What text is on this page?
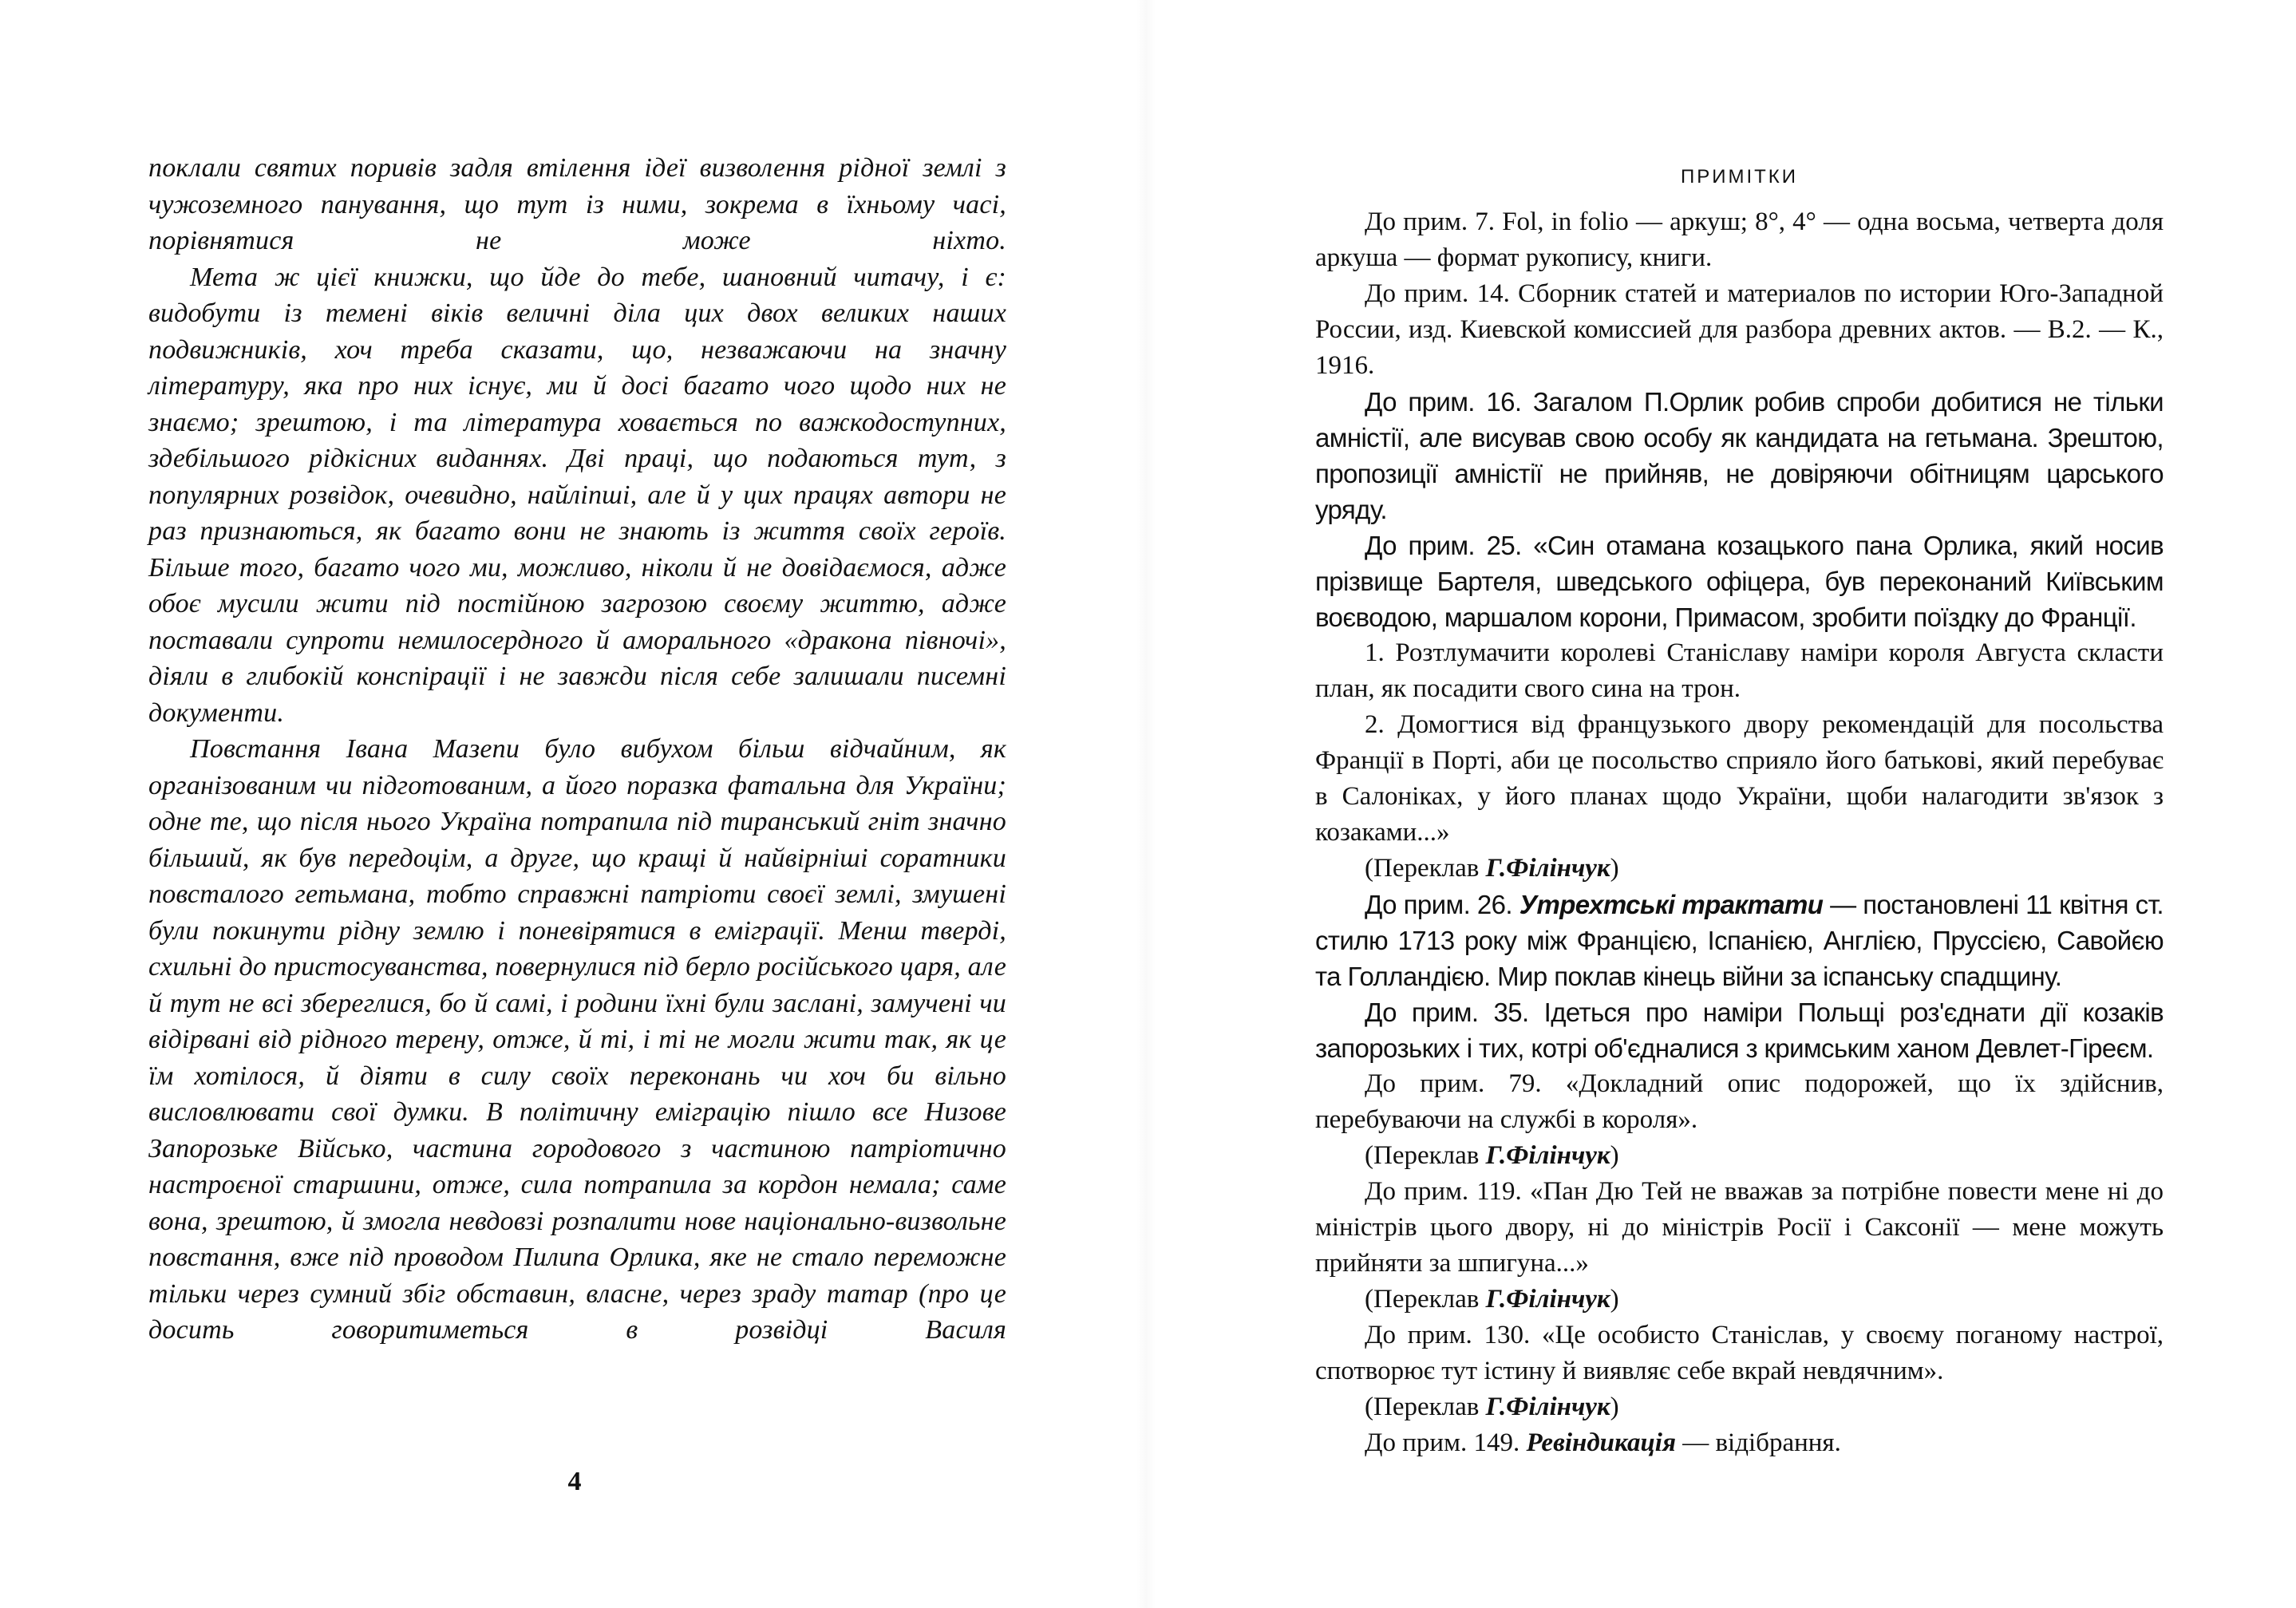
поклали святих поривів задля втілення ідеї визволення рідної землі з чужоземного панування, що тут із ними, зокрема в їхньому часі, порівнятися не може ніхто.

Мета ж цієї книжки, що йде до тебе, шановний читачу, і є: видобути із темені віків величні діла цих двох великих наших подвижників, хоч треба сказати, що, незважаючи на значну літературу, яка про них існує, ми й досі багато чого щодо них не знаємо; зрештою, і та література ховається по важкодоступних, здебільшого рідкісних виданнях. Дві праці, що подаються тут, з популярних розвідок, очевидно, найліпші, але й у цих працях автори не раз признаються, як багато вони не знають із життя своїх героїв. Більше того, багато чого ми, можливо, ніколи й не довідаємося, адже обоє мусили жити під постійною загрозою своєму життю, адже поставали супроти немилосердного й аморального «дракона півночі», діяли в глибокій конспірації і не завжди після себе залишали писемні документи.

Повстання Івана Мазепи було вибухом більш відчайним, як організованим чи підготованим, а його поразка фатальна для України; одне те, що після нього Україна потрапила під тиранський гніт значно більший, як був передоцім, а друге, що кращі й найвірніші соратники повсталого гетьмана, тобто справжні патріоти своєї землі, змушені були покинути рідну землю і поневірятися в еміграції. Менш тверді, схильні до пристосуванства, повернулися під берло російського царя, але й тут не всі збереглися, бо й самі, і родини їхні були заслані, замучені чи відірвані від рідного терену, отже, й ті, і ті не могли жити так, як це їм хотілося, й діяти в силу своїх переконань чи хоч би вільно висловлювати свої думки. В політичну еміграцію пішло все Низове Запорозьке Військо, частина городового з частиною патріотично настроєної старшини, отже, сила потрапила за кордон немала; саме вона, зрештою, й змогла невдовзі розпалити нове національно-визвольне повстання, вже під проводом Пилипа Орлика, яке не стало переможне тільки через сумний збіг обставин, власне, через зраду татар (про це досить говоритиметься в розвідці Василя

4
ПРИМІТКИ

До прим. 7. Fol, in folio — аркуш; 8°, 4° — одна восьма, четверта доля аркуша — формат рукопису, книги.

До прим. 14. Сборник статей и материалов по истории Юго-Западной России, изд. Киевской комиссией для разбора древних актов. — В.2. — К., 1916.

До прим. 16. Загалом П.Орлик робив спроби добитися не тільки амністії, але висував свою особу як кандидата на гетьмана. Зрештою, пропозиції амністії не прийняв, не довіряючи обітницям царського уряду.

До прим. 25. «Син отамана козацького пана Орлика, який носив прізвище Бартеля, шведського офіцера, був переконаний Київським воєводою, маршалом корони, Примасом, зробити поїздку до Франції.

1. Розтлумачити королеві Станіславу наміри короля Августа скласти план, як посадити свого сина на трон.

2. Домогтися від французького двору рекомендацій для посольства Франції в Порті, аби це посольство сприяло його батькові, який перебуває в Салоніках, у його планах щодо України, щоби налагодити зв'язок з козаками...»

(Переклав Г.Філінчук)

До прим. 26. Утрехтські трактати — постановлені 11 квітня ст. стилю 1713 року між Францією, Іспанією, Англією, Пруссією, Савойєю та Голландією. Мир поклав кінець війни за іспанську спадщину.

До прим. 35. Ідеться про наміри Польщі роз'єднати дії козаків запорозьких і тих, котрі об'єдналися з кримським ханом Девлет-Гіреєм.

До прим. 79. «Докладний опис подорожей, що їх здійснив, перебуваючи на службі в короля».

(Переклав Г.Філінчук)

До прим. 119. «Пан Дю Тей не вважав за потрібне повести мене ні до міністрів цього двору, ні до міністрів Росії і Саксонії — мене можуть прийняти за шпигуна...»

(Переклав Г.Філінчук)

До прим. 130. «Це особисто Станіслав, у своєму поганому настрої, спотворює тут істину й виявляє себе вкрай невдячним».

(Переклав Г.Філінчук)

До прим. 149. Ревіндикація — відібрання.
